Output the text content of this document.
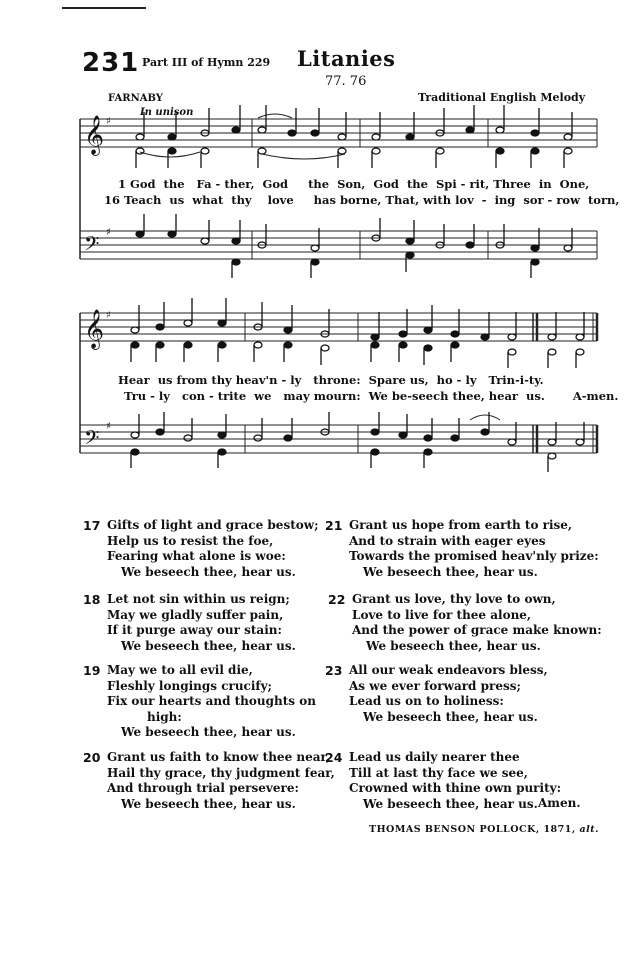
231 Part III of Hymn 229 Litanies
77. 76
FARNABY	Traditional English Melody
In unison
𝄞
𝄢
𝄞
𝄢
♯
♯
♯
♯
1 God  the   Fa - ther,  God     the  Son,  God  the  Spi - rit, Three  in  One,
16 Teach  us  what  thy    love     has borne, That, with lov  -  ing  sor - row  torn,
Hear  us from thy heav'n - ly   throne:  Spare us,  ho - ly   Trin-i-ty.
Tru - ly   con - trite  we   may mourn:  We be-seech thee, hear  us.       A-men.
17 Gifts of light and grace bestow;
Help us to resist the foe,
Fearing what alone is woe:
We beseech thee, hear us.
18 Let not sin within us reign;
May we gladly suffer pain,
If it purge away our stain:
We beseech thee, hear us.
19 May we to all evil die,
Fleshly longings crucify;
Fix our hearts and thoughts on
high:
We beseech thee, hear us.
20 Grant us faith to know thee near,
Hail thy grace, thy judgment fear,
And through trial persevere:
We beseech thee, hear us.
21 Grant us hope from earth to rise,
And to strain with eager eyes
Towards the promised heav'nly prize:
We beseech thee, hear us.
22 Grant us love, thy love to own,
Love to live for thee alone,
And the power of grace make known:
We beseech thee, hear us.
23 All our weak endeavors bless,
As we ever forward press;
Lead us on to holiness:
We beseech thee, hear us.
24 Lead us daily nearer thee
Till at last thy face we see,
Crowned with thine own purity:
We beseech thee, hear us. Amen.
THOMAS BENSON POLLOCK, 1871, alt.
